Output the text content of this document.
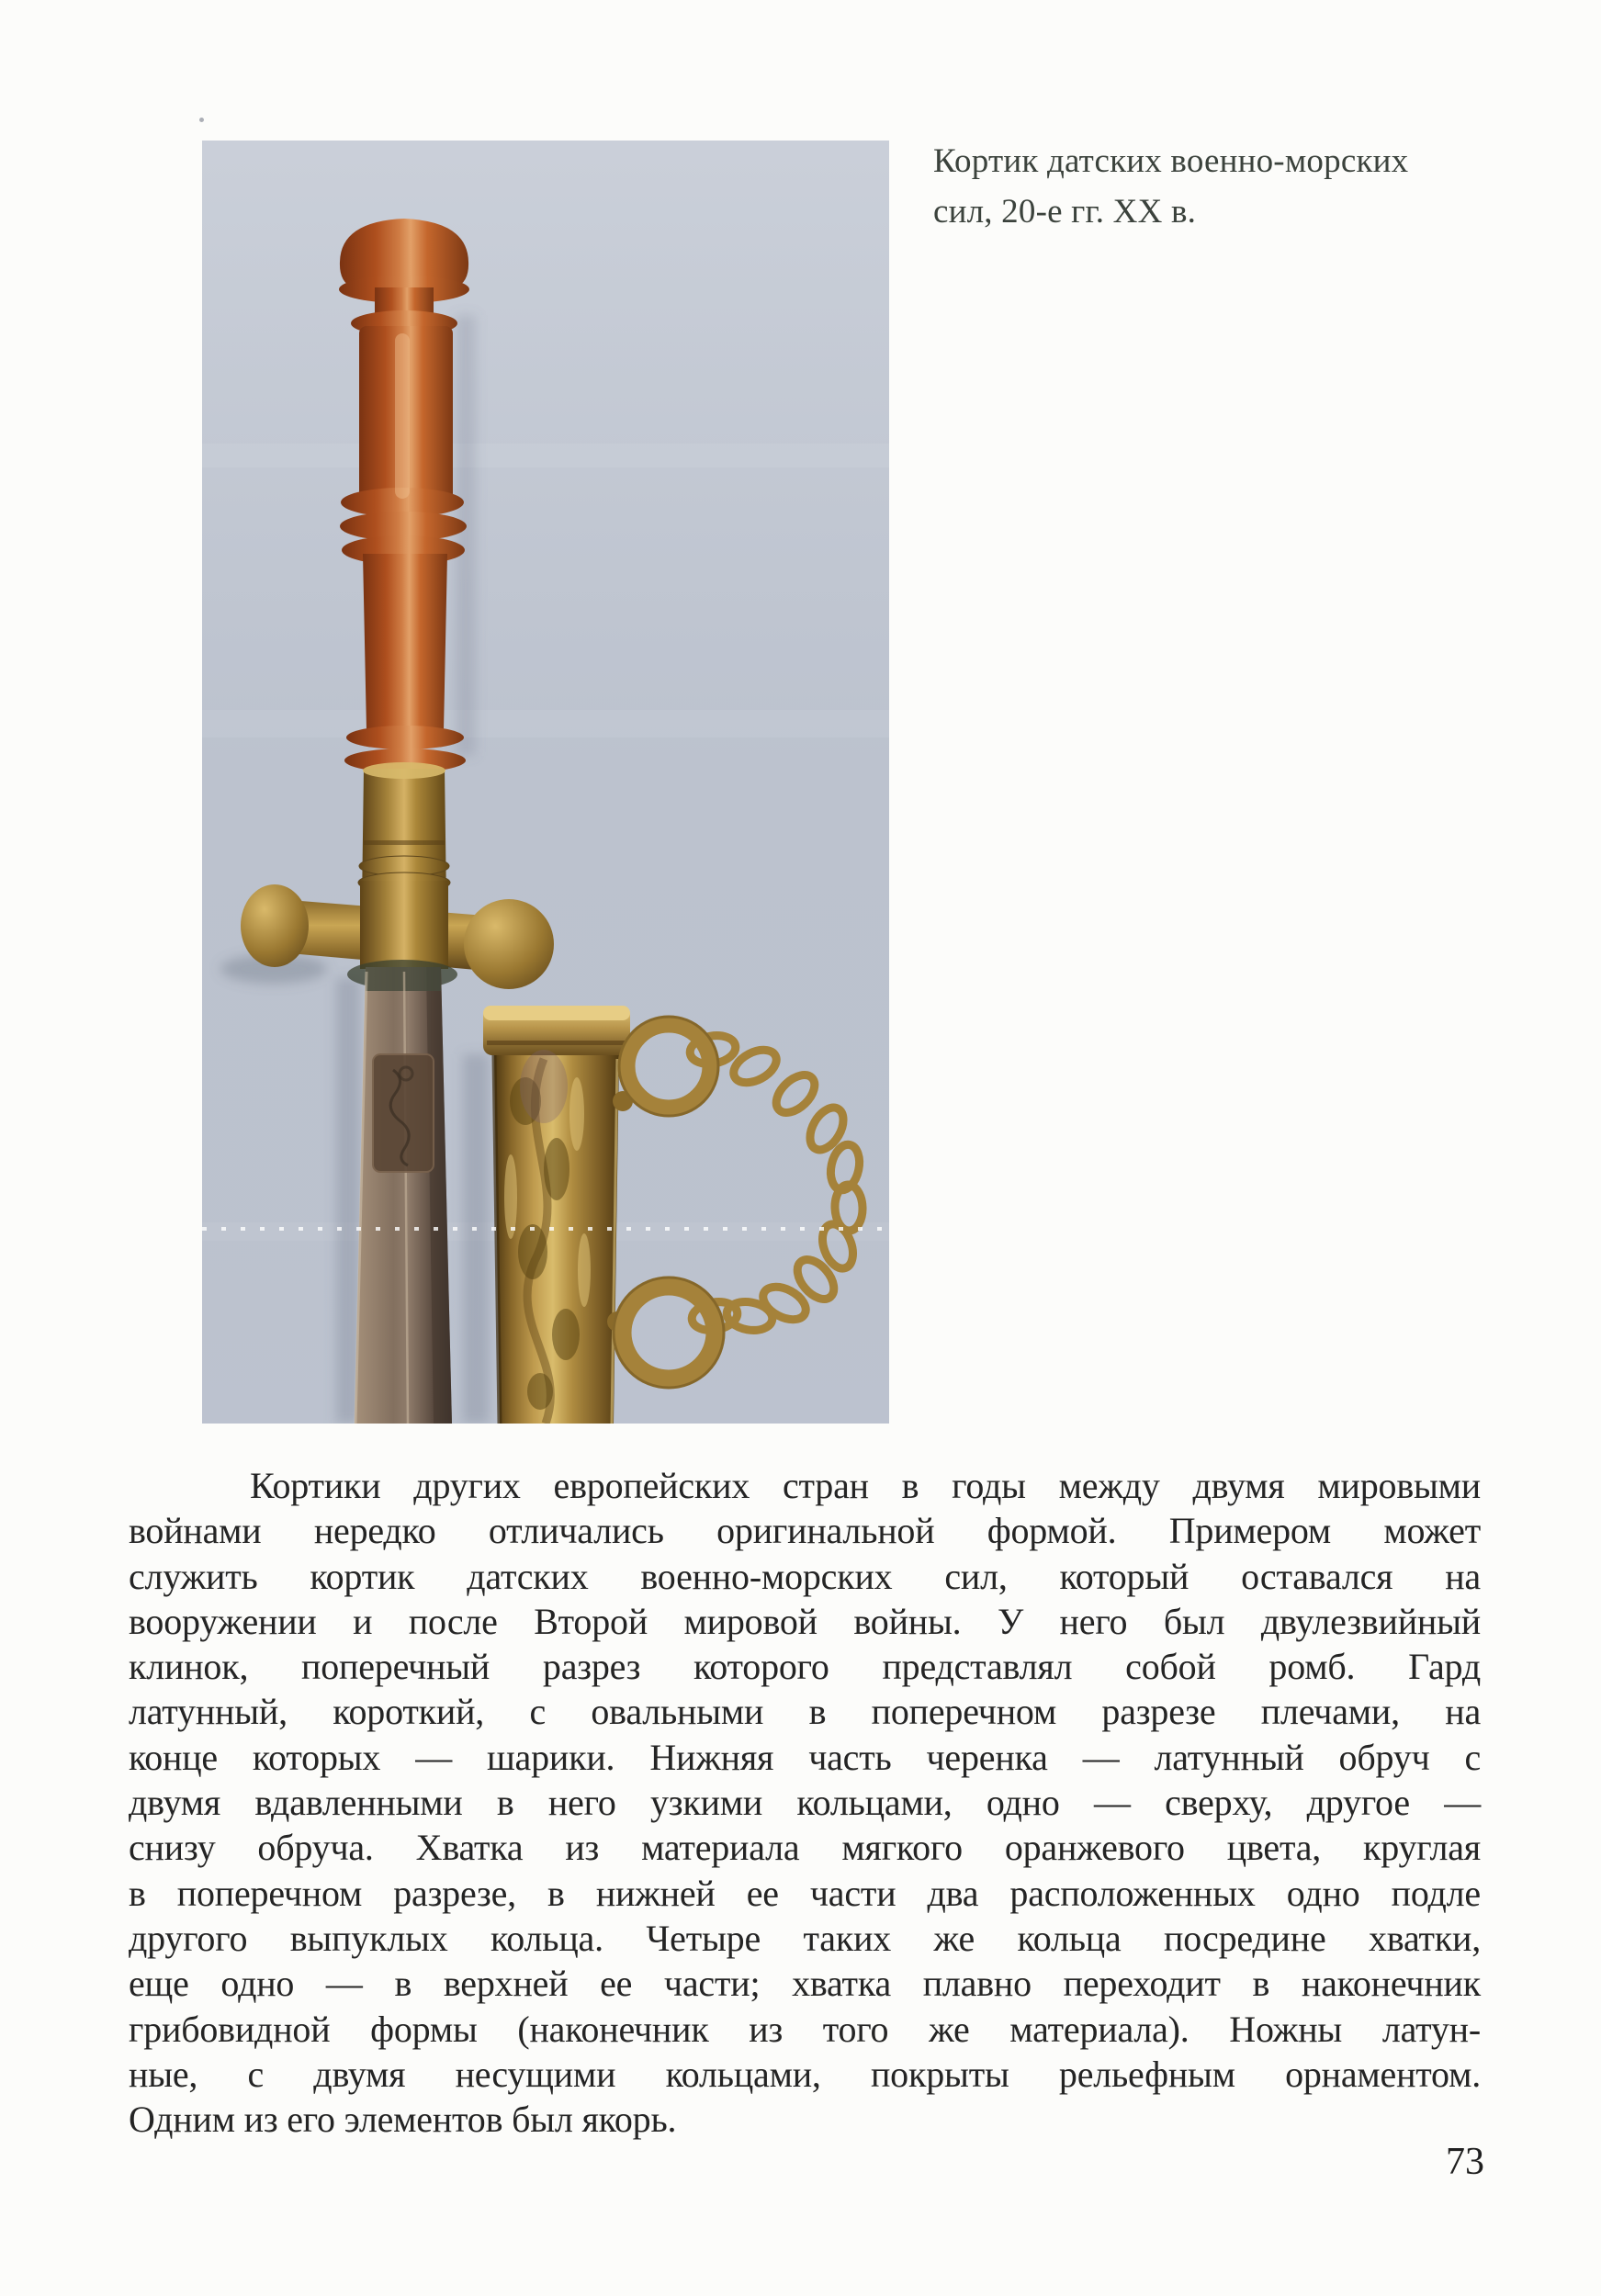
Кортик датских военно-морских
сил, 20-е гг. XX в.
Кортики других европейских стран в годы между двумя мировыми
войнами нередко отличались оригинальной формой. Примером может
служить кортик датских военно-морских сил, который оставался на
вооружении и после Второй мировой войны. У него был двулезвийный
клинок, поперечный разрез которого представлял собой ромб. Гард
латунный, короткий, с овальными в поперечном разрезе плечами, на
конце которых — шарики. Нижняя часть черенка — латунный обруч с
двумя вдавленными в него узкими кольцами, одно — сверху, другое —
снизу обруча. Хватка из материала мягкого оранжевого цвета, круглая
в поперечном разрезе, в нижней ее части два расположенных одно подле
другого выпуклых кольца. Четыре таких же кольца посредине хватки,
еще одно — в верхней ее части; хватка плавно переходит в наконечник
грибовидной формы (наконечник из того же материала). Ножны латун-
ные, с двумя несущими кольцами, покрыты рельефным орнаментом.
Одним из его элементов был якорь.
73
